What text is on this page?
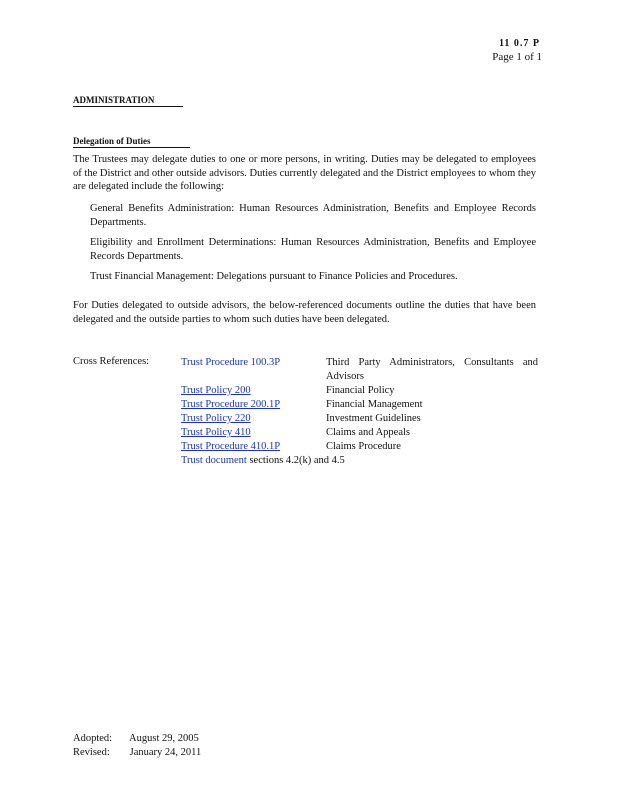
11 0.7 P
Page 1 of 1
ADMINISTRATION
Delegation of Duties

The Trustees may delegate duties to one or more persons, in writing. Duties may be delegated to employees of the District and other outside advisors. Duties currently delegated and the District employees to whom they are delegated include the following:

General Benefits Administration: Human Resources Administration, Benefits and Employee Records Departments.
Eligibility and Enrollment Determinations: Human Resources Administration, Benefits and Employee Records Departments.
Trust Financial Management: Delegations pursuant to Finance Policies and Procedures.

For Duties delegated to outside advisors, the below-referenced documents outline the duties that have been delegated and the outside parties to whom such duties have been delegated.

Cross References:	Trust Procedure 100.3P	Third Party Administrators, Consultants and Advisors
Trust Policy 200	Financial Policy
Trust Procedure 200.1P	Financial Management
Trust Policy 220	Investment Guidelines
Trust Policy 410	Claims and Appeals
Trust Procedure 410.1P	Claims Procedure
Trust document sections 4.2(k) and 4.5	
Adopted: August 29, 2005
Revised: January 24, 2011
